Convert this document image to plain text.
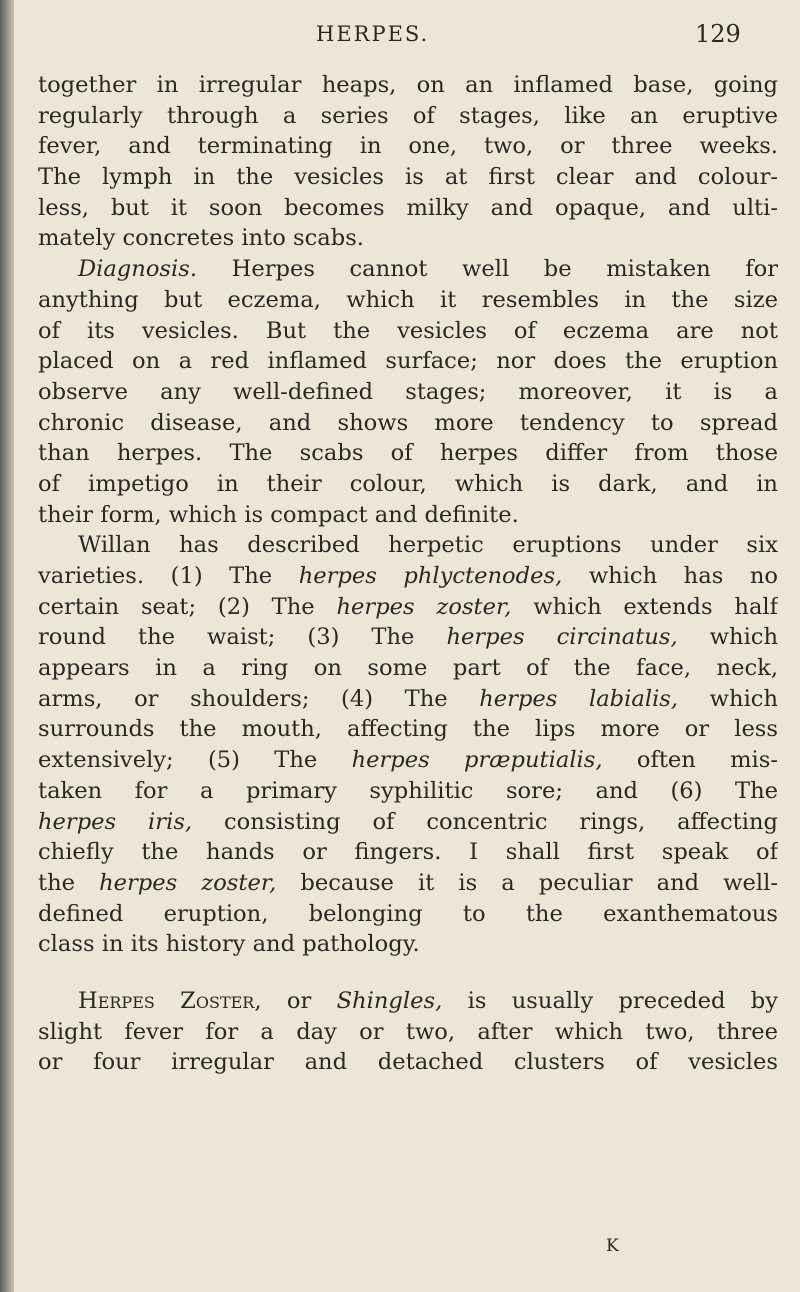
HERPES.	129
together in irregular heaps, on an inflamed base, going
regularly through a series of stages, like an eruptive
fever, and terminating in one, two, or three weeks.
The lymph in the vesicles is at first clear and colour-
less, but it soon becomes milky and opaque, and ulti-
mately concretes into scabs.
Diagnosis. Herpes cannot well be mistaken for
anything but eczema, which it resembles in the size
of its vesicles. But the vesicles of eczema are not
placed on a red inflamed surface; nor does the eruption
observe any well-defined stages; moreover, it is a
chronic disease, and shows more tendency to spread
than herpes. The scabs of herpes differ from those
of impetigo in their colour, which is dark, and in
their form, which is compact and definite.
Willan has described herpetic eruptions under six
varieties. (1) The herpes phlyctenodes, which has no
certain seat; (2) The herpes zoster, which extends half
round the waist; (3) The herpes circinatus, which
appears in a ring on some part of the face, neck,
arms, or shoulders; (4) The herpes labialis, which
surrounds the mouth, affecting the lips more or less
extensively; (5) The herpes præputialis, often mis-
taken for a primary syphilitic sore; and (6) The
herpes iris, consisting of concentric rings, affecting
chiefly the hands or fingers. I shall first speak of
the herpes zoster, because it is a peculiar and well-
defined eruption, belonging to the exanthematous
class in its history and pathology.
Herpes Zoster, or Shingles, is usually preceded by
slight fever for a day or two, after which two, three
or four irregular and detached clusters of vesicles
K
